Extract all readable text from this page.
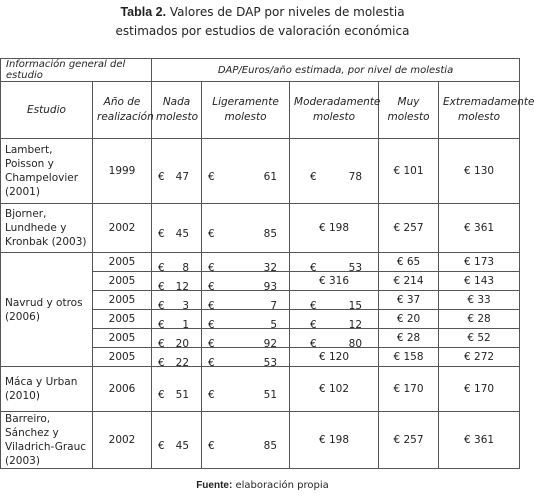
Tabla 2. Valores de DAP por niveles de molestia
estimados por estudios de valoración económica
Información general del estudio		DAP/Euros/año estimada, por nivel de molestia				
Estudio	Año de realización	Nada molesto	Ligeramente molesto	Moderadamente molesto	Muy molesto	Extremadamente molesto
Lambert, Poisson y Champelovier (2001)	1999	€ 47	€ 61	€ 78	€ 101	€ 130
Bjorner, Lundhede y Kronbak (2003)	2002	€ 45	€ 85	€ 198	€ 257	€ 361
Navrud y otros (2006)	2005	€ 8	€ 32	€ 53	€ 65	€ 173
	2005	€ 12	€ 93	€ 316	€ 214	€ 143
	2005	€ 3	€ 7	€ 15	€ 37	€ 33
	2005	€ 1	€ 5	€ 12	€ 20	€ 28
	2005	€ 20	€ 92	€ 80	€ 28	€ 52
	2005	€ 22	€ 53	€ 120	€ 158	€ 272
Máca y Urban (2010)	2006	€ 51	€ 51	€ 102	€ 170	€ 170
Barreiro, Sánchez y Viladrich-Grauc (2003)	2002	€ 45	€ 85	€ 198	€ 257	€ 361
Fuente: elaboración propia
